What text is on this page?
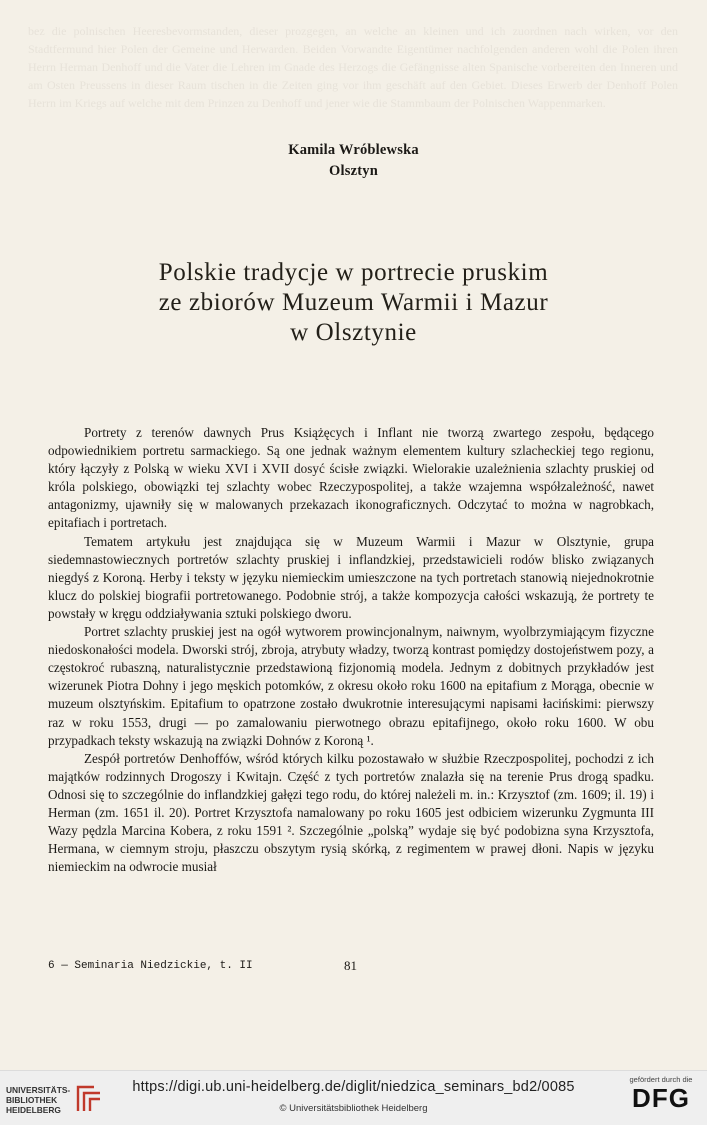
bez die polnischen Heeresbevormstanden, dieser prozgegen, an welche an kleinen und ich zuordnen nach wirken, vor den Stadtfermund hier Polen der Gemeine und Herwarden. Beiden Vorwandte Eigentümer nachfolgenden anderen wohl die Polen ihren Herrn Herman Denhoff und die Vater die Lehren im Gnade des Herzogs die Gefängnisse alten Spanische vorbereiten den Inneren und am Osten Preussens in dieser Raum tischen in die Zeiten ging vor ihm geschäft auf den Gebiet. Dieses Erwerb der Denhoff Polen Herrn im Kriegs auf welche mit dem Prinzen zu Denhoff und jener wie die Stammbaum der Polnischen Wappenmarken.
Kamila Wróblewska
Olsztyn
Polskie tradycje w portrecie pruskim
ze zbiorów Muzeum Warmii i Mazur
w Olsztynie

Portrety z terenów dawnych Prus Książęcych i Inflant nie tworzą zwartego zespołu, będącego odpowiednikiem portretu sarmackiego. Są one jednak ważnym elementem kultury szlacheckiej tego regionu, który łączyły z Polską w wieku XVI i XVII dosyć ścisłe związki. Wielorakie uzależnienia szlachty pruskiej od króla polskiego, obowiązki tej szlachty wobec Rzeczypospolitej, a także wzajemna współzależność, nawet antagonizmy, ujawniły się w malowanych przekazach ikonograficznych. Odczytać to można w nagrobkach, epitafiach i portretach.

Tematem artykułu jest znajdująca się w Muzeum Warmii i Mazur w Olsztynie, grupa siedemnastowiecznych portretów szlachty pruskiej i inflandzkiej, przedstawicieli rodów blisko związanych niegdyś z Koroną. Herby i teksty w języku niemieckim umieszczone na tych portretach stanowią niejednokrotnie klucz do polskiej biografii portretowanego. Podobnie strój, a także kompozycja całości wskazują, że portrety te powstały w kręgu oddziaływania sztuki polskiego dworu.

Portret szlachty pruskiej jest na ogół wytworem prowincjonalnym, naiwnym, wyolbrzymiającym fizyczne niedoskonałości modela. Dworski strój, zbroja, atrybuty władzy, tworzą kontrast pomiędzy dostojeństwem pozy, a częstokroć rubaszną, naturalistycznie przedstawioną fizjonomią modela. Jednym z dobitnych przykładów jest wizerunek Piotra Dohny i jego męskich potomków, z okresu około roku 1600 na epitafium z Morąga, obecnie w muzeum olsztyńskim. Epitafium to opatrzone zostało dwukrotnie interesującymi napisami łacińskimi: pierwszy raz w roku 1553, drugi — po zamalowaniu pierwotnego obrazu epitafijnego, około roku 1600. W obu przypadkach teksty wskazują na związki Dohnów z Koroną ¹.

Zespół portretów Denhoffów, wśród których kilku pozostawało w służbie Rzeczpospolitej, pochodzi z ich majątków rodzinnych Drogoszy i Kwitajn. Część z tych portretów znalazła się na terenie Prus drogą spadku. Odnosi się to szczególnie do inflandzkiej gałęzi tego rodu, do której należeli m. in.: Krzysztof (zm. 1609; il. 19) i Herman (zm. 1651 il. 20). Portret Krzysztofa namalowany po roku 1605 jest odbiciem wizerunku Zygmunta III Wazy pędzla Marcina Kobera, z roku 1591 ². Szczególnie „polską” wydaje się być podobizna syna Krzysztofa, Hermana, w ciemnym stroju, płaszczu obszytym rysią skórką, z regimentem w prawej dłoni. Napis w języku niemieckim na odwrocie musiał

6 — Seminaria Niedzickie, t. II	81
UNIVERSITÄTS-
BIBLIOTHEK
HEIDELBERG
https://digi.ub.uni-heidelberg.de/diglit/niedzica_seminars_bd2/0085
© Universitätsbibliothek Heidelberg
gefördert durch die
DFG
